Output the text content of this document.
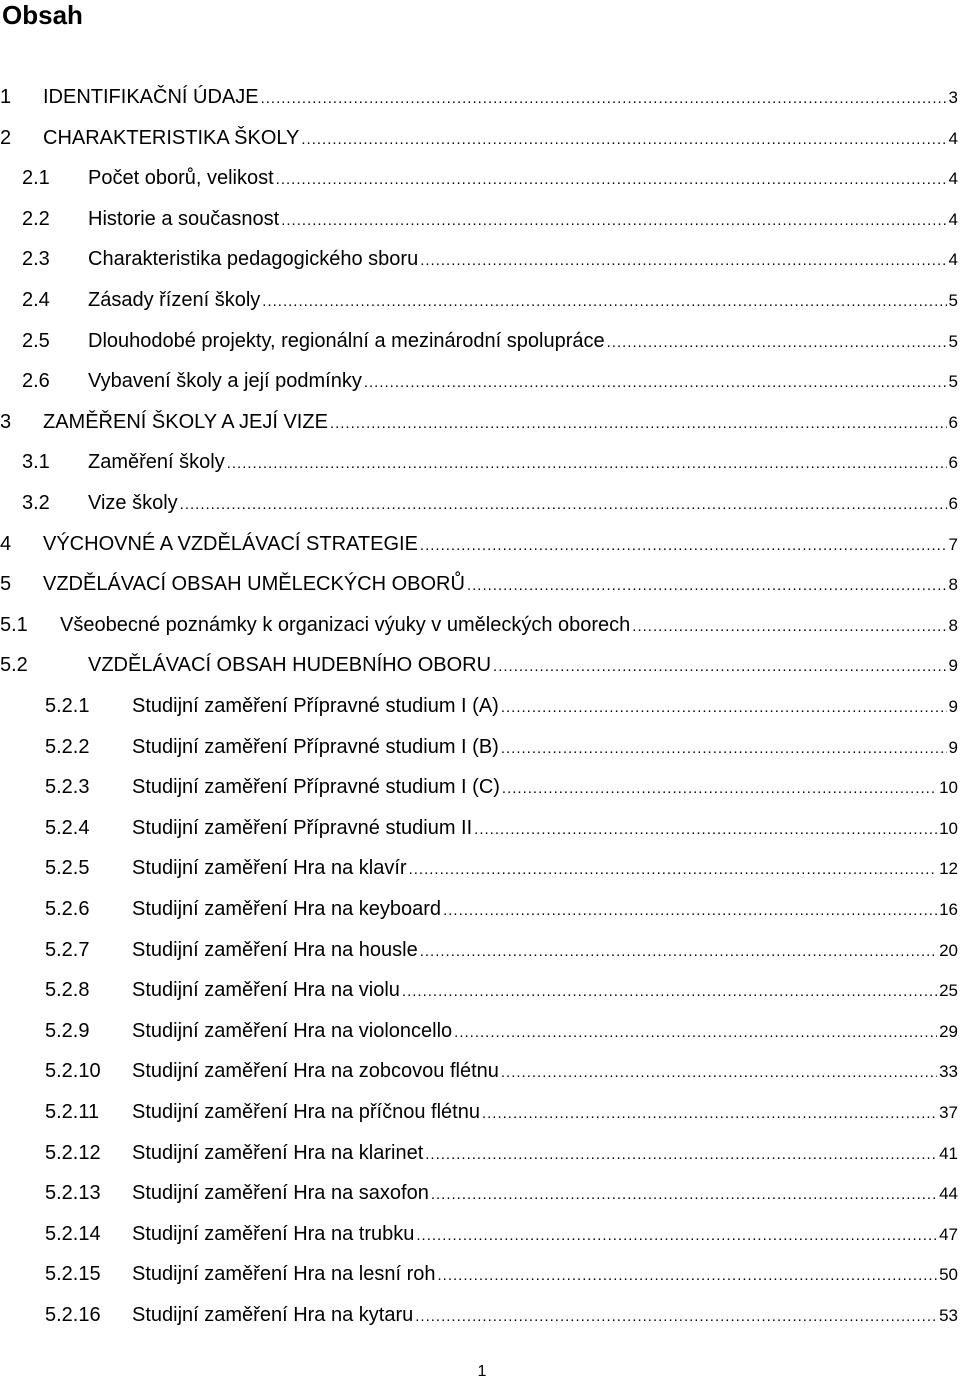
Obsah
1	IDENTIFIKAČNÍ ÚDAJE .....	3
2	CHARAKTERISTIKA ŠKOLY .....	4
2.1	Počet oborů, velikost .....	4
2.2	Historie a současnost .....	4
2.3	Charakteristika pedagogického sboru .....	4
2.4	Zásady řízení školy .....	5
2.5	Dlouhodobé projekty, regionální a mezinárodní spolupráce .....	5
2.6	Vybavení školy a její podmínky .....	5
3	ZAMĚŘENÍ ŠKOLY A JEJÍ VIZE .....	6
3.1	Zaměření školy .....	6
3.2	Vize školy .....	6
4	VÝCHOVNÉ A VZDĚLÁVACÍ STRATEGIE .....	7
5	VZDĚLÁVACÍ OBSAH UMĚLECKÝCH OBORŮ .....	8
5.1	Všeobecné poznámky k organizaci výuky v uměleckých oborech .....	8
5.2	VZDĚLÁVACÍ OBSAH HUDEBNÍHO OBORU .....	9
5.2.1	Studijní zaměření Přípravné studium I (A) .....	9
5.2.2	Studijní zaměření Přípravné studium I (B) .....	9
5.2.3	Studijní zaměření Přípravné studium I (C) .....	10
5.2.4	Studijní zaměření Přípravné studium II .....	10
5.2.5	Studijní zaměření Hra na klavír .....	12
5.2.6	Studijní zaměření Hra na keyboard .....	16
5.2.7	Studijní zaměření Hra na housle .....	20
5.2.8	Studijní zaměření Hra na violu .....	25
5.2.9	Studijní zaměření Hra na violoncello .....	29
5.2.10	Studijní zaměření Hra na zobcovou flétnu .....	33
5.2.11	Studijní zaměření Hra na příčnou flétnu .....	37
5.2.12	Studijní zaměření Hra na klarinet .....	41
5.2.13	Studijní zaměření Hra na saxofon .....	44
5.2.14	Studijní zaměření Hra na trubku .....	47
5.2.15	Studijní zaměření Hra na lesní roh .....	50
5.2.16	Studijní zaměření Hra na kytaru .....	53
1
